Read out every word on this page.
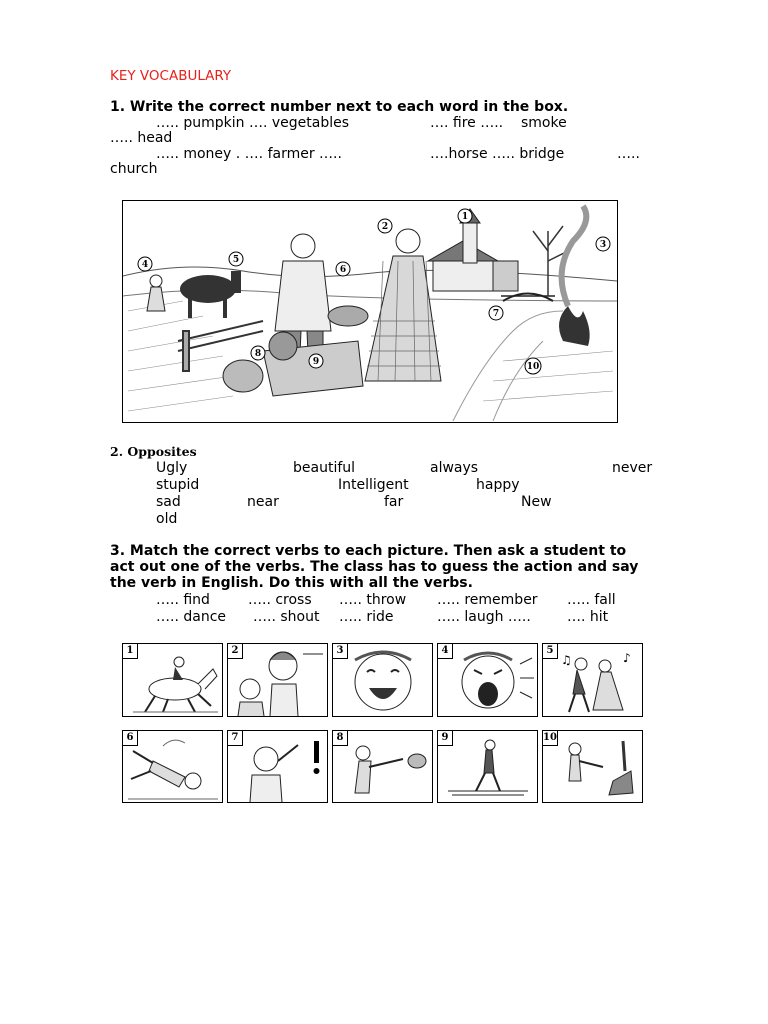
KEY VOCABULARY
1. Write the correct number next to each word in the box.
….. pumpkin …. vegetables	…. fire ….. smoke
….. head
….. money . …. farmer …..	….horse ….. bridge	…..
church
1
2
3
4	5
6
7
8
9	10
2. Opposites
Ugly	beautiful	always	never
stupid	Intelligent	happy
sad	near	far	New
old
3. Match the correct verbs to each picture. Then ask a student to
act out one of the verbs. The class has to guess the action and say
the verb in English. Do this with all the verbs.
….. find	….. cross ….. throw ….. remember ….. fall
….. dance ….. shout ….. ride	….. laugh …..	…. hit
1	2	3	4	5
♪
♫
6	7	8	9	10
